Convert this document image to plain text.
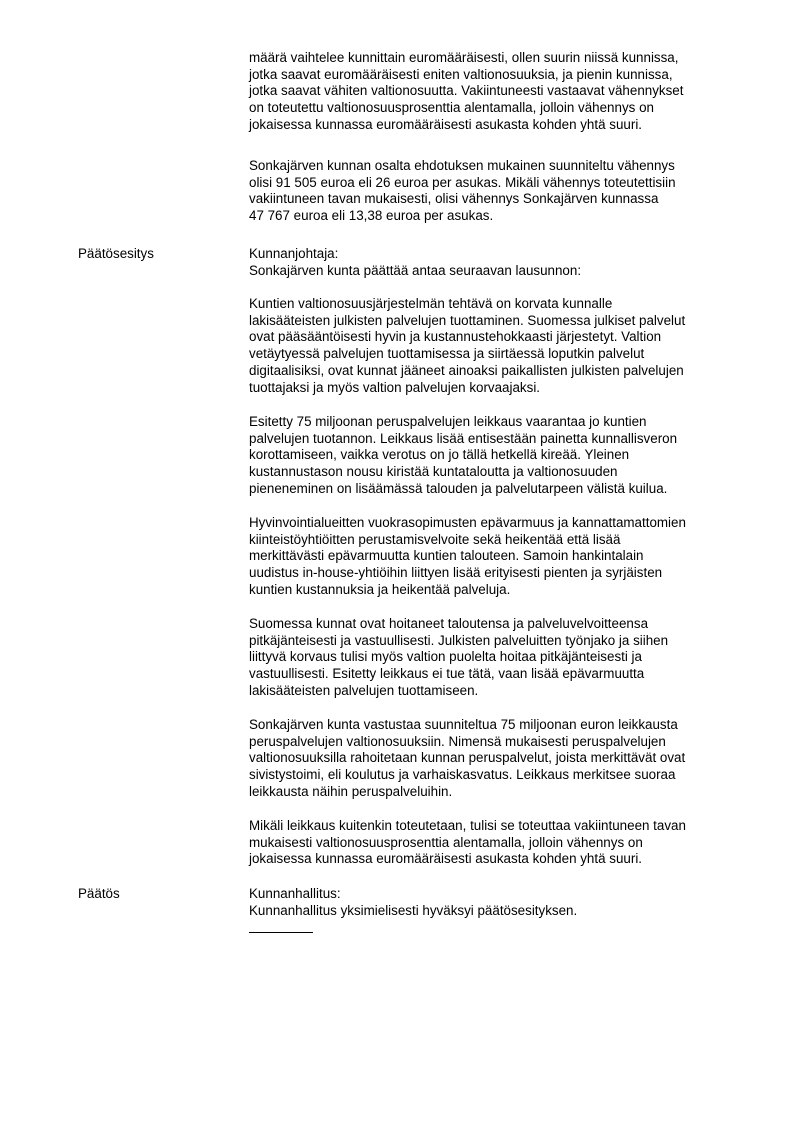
määrä vaihtelee kunnittain euromääräisesti, ollen suurin niissä kunnissa,
jotka saavat euromääräisesti eniten valtionosuuksia, ja pienin kunnissa,
jotka saavat vähiten valtionosuutta. Vakiintuneesti vastaavat vähennykset
on toteutettu valtionosuusprosenttia alentamalla, jolloin vähennys on
jokaisessa kunnassa euromääräisesti asukasta kohden yhtä suuri.
Sonkajärven kunnan osalta ehdotuksen mukainen suunniteltu vähennys
olisi 91 505 euroa eli 26 euroa per asukas. Mikäli vähennys toteutettisiin
vakiintuneen tavan mukaisesti, olisi vähennys Sonkajärven kunnassa
47 767 euroa eli 13,38 euroa per asukas.
Päätösesitys	Kunnanjohtaja:
Sonkajärven kunta päättää antaa seuraavan lausunnon:
Kuntien valtionosuusjärjestelmän tehtävä on korvata kunnalle
lakisääteisten julkisten palvelujen tuottaminen. Suomessa julkiset palvelut
ovat pääsääntöisesti hyvin ja kustannustehokkaasti järjestetyt. Valtion
vetäytyessä palvelujen tuottamisessa ja siirtäessä loputkin palvelut
digitaalisiksi, ovat kunnat jääneet ainoaksi paikallisten julkisten palvelujen
tuottajaksi ja myös valtion palvelujen korvaajaksi.
Esitetty 75 miljoonan peruspalvelujen leikkaus vaarantaa jo kuntien
palvelujen tuotannon. Leikkaus lisää entisestään painetta kunnallisveron
korottamiseen, vaikka verotus on jo tällä hetkellä kireää. Yleinen
kustannustason nousu kiristää kuntataloutta ja valtionosuuden
pieneneminen on lisäämässä talouden ja palvelutarpeen välistä kuilua.
Hyvinvointialueitten vuokrasopimusten epävarmuus ja kannattamattomien
kiinteistöyhtiöitten perustamisvelvoite sekä heikentää että lisää
merkittävästi epävarmuutta kuntien talouteen. Samoin hankintalain
uudistus in-house-yhtiöihin liittyen lisää erityisesti pienten ja syrjäisten
kuntien kustannuksia ja heikentää palveluja.
Suomessa kunnat ovat hoitaneet taloutensa ja palveluvelvoitteensa
pitkäjänteisesti ja vastuullisesti. Julkisten palveluitten työnjako ja siihen
liittyvä korvaus tulisi myös valtion puolelta hoitaa pitkäjänteisesti ja
vastuullisesti. Esitetty leikkaus ei tue tätä, vaan lisää epävarmuutta
lakisääteisten palvelujen tuottamiseen.
Sonkajärven kunta vastustaa suunniteltua 75 miljoonan euron leikkausta
peruspalvelujen valtionosuuksiin. Nimensä mukaisesti peruspalvelujen
valtionosuuksilla rahoitetaan kunnan peruspalvelut, joista merkittävät ovat
sivistystoimi, eli koulutus ja varhaiskasvatus. Leikkaus merkitsee suoraa
leikkausta näihin peruspalveluihin.
Mikäli leikkaus kuitenkin toteutetaan, tulisi se toteuttaa vakiintuneen tavan
mukaisesti valtionosuusprosenttia alentamalla, jolloin vähennys on
jokaisessa kunnassa euromääräisesti asukasta kohden yhtä suuri.
Päätös	Kunnanhallitus:
Kunnanhallitus yksimielisesti hyväksyi päätösesityksen.
